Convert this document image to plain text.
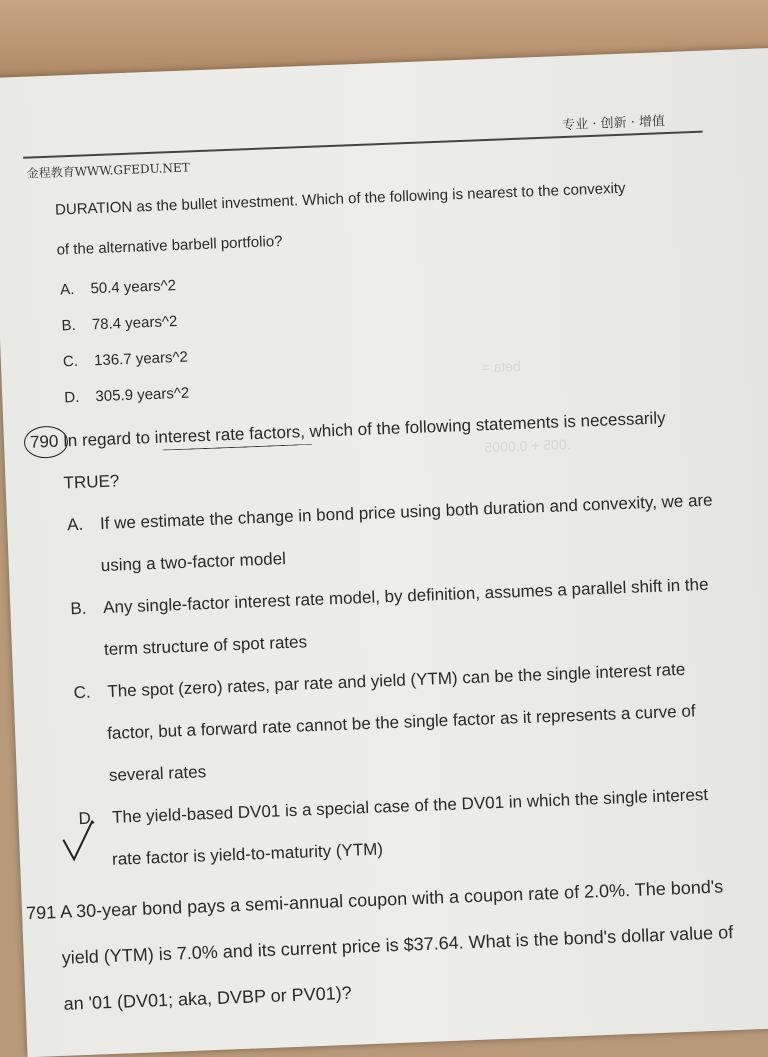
beta =
.005 + 0.0005
专业 · 创新 · 增值
金程教育WWW.GFEDU.NET
DURATION as the bullet investment. Which of the following is nearest to the convexity
of the alternative barbell portfolio?
A. 50.4 years^2
B. 78.4 years^2
C. 136.7 years^2
D. 305.9 years^2
790 In regard to interest rate factors, which of the following statements is necessarily
TRUE?
A. If we estimate the change in bond price using both duration and convexity, we are
using a two-factor model
B. Any single-factor interest rate model, by definition, assumes a parallel shift in the
term structure of spot rates
C. The spot (zero) rates, par rate and yield (YTM) can be the single interest rate
factor, but a forward rate cannot be the single factor as it represents a curve of
several rates
D. The yield-based DV01 is a special case of the DV01 in which the single interest
rate factor is yield-to-maturity (YTM)
791 A 30-year bond pays a semi-annual coupon with a coupon rate of 2.0%. The bond's
yield (YTM) is 7.0% and its current price is $37.64. What is the bond's dollar value of
an '01 (DV01; aka, DVBP or PV01)?
